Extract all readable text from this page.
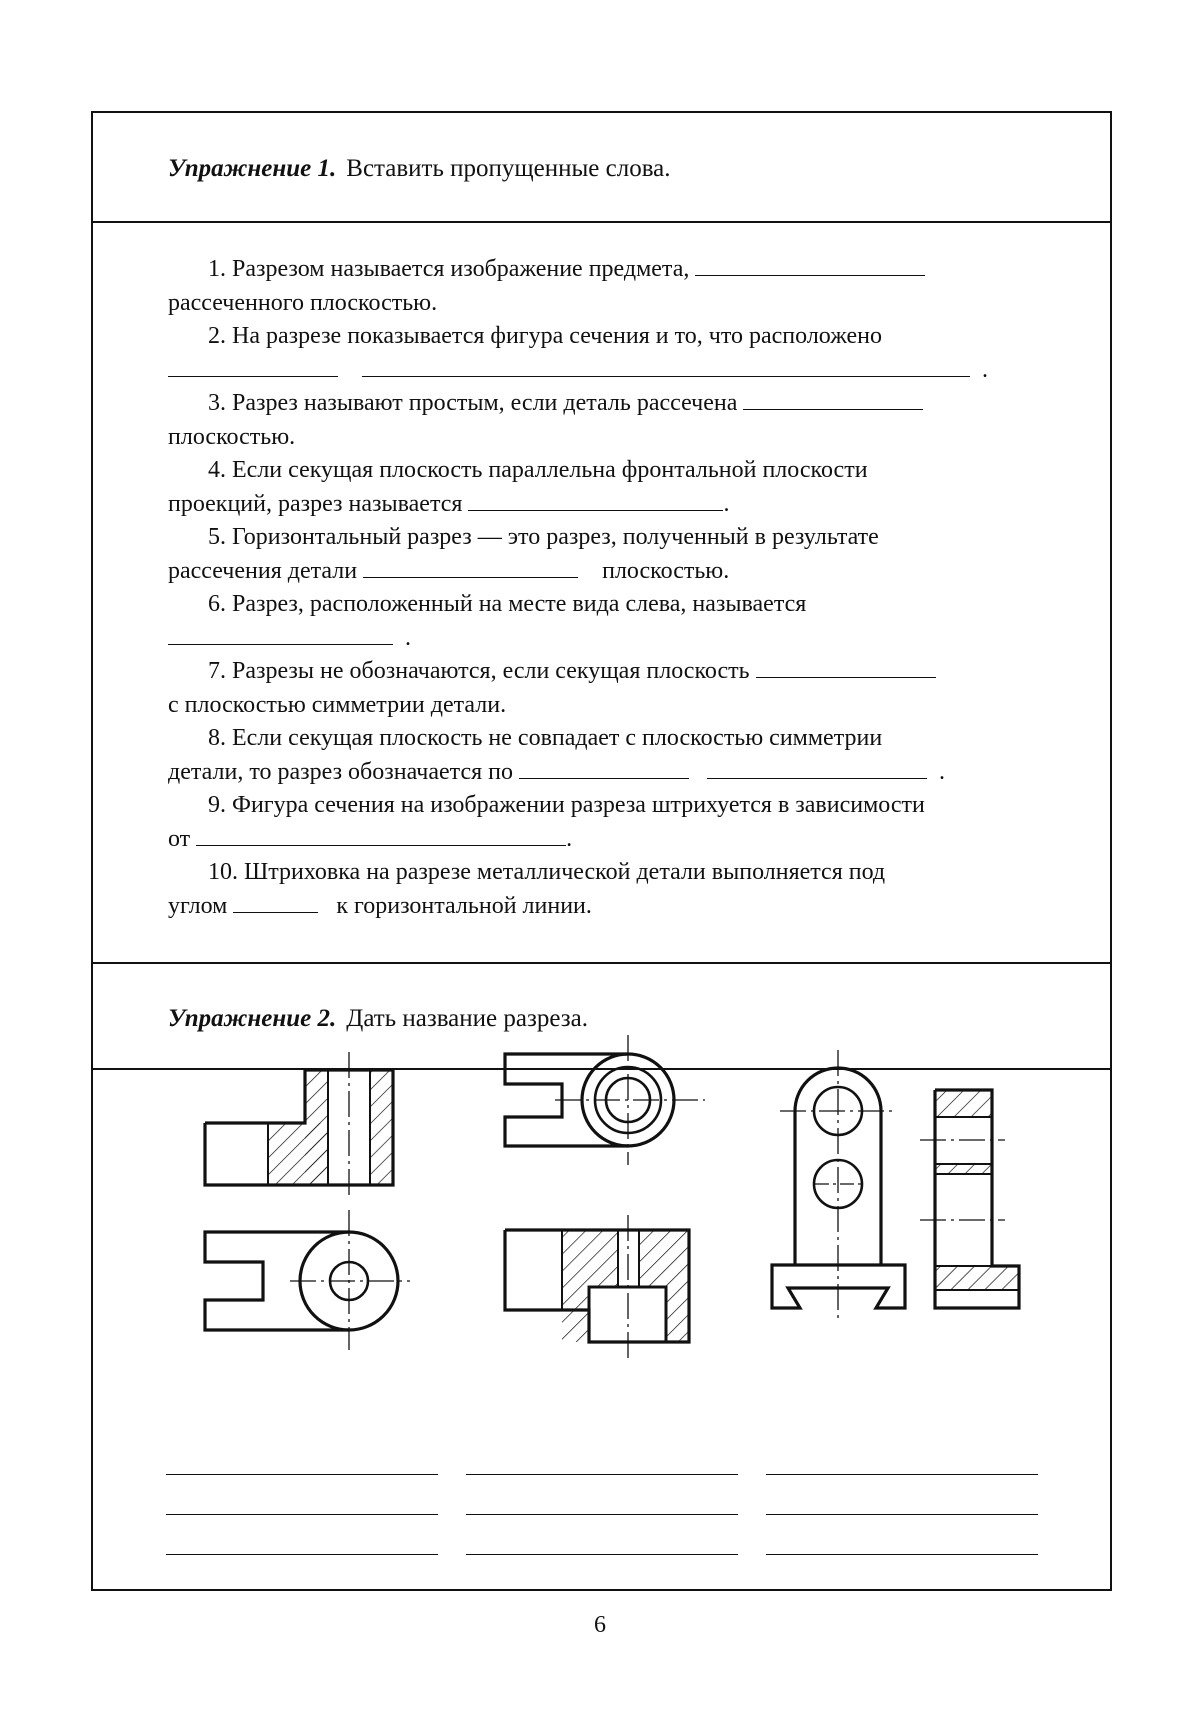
Упражнение 1. Вставить пропущенные слова.
1. Разрезом называется изображение предмета,
рассеченного плоскостью.
2. На разрезе показывается фигура сечения и то, что расположено
.
3. Разрез называют простым, если деталь рассечена
плоскостью.
4. Если секущая плоскость параллельна фронтальной плоскости
проекций, разрез называется	.
5. Горизонтальный разрез — это разрез, полученный в результате
рассечения детали	плоскостью.
6. Разрез, расположенный на месте вида слева, называется
.
7. Разрезы не обозначаются, если секущая плоскость
с плоскостью симметрии детали.
8. Если секущая плоскость не совпадает с плоскостью симметрии
детали, то разрез обозначается по	.
9. Фигура сечения на изображении разреза штрихуется в зависимости
от	.
10. Штриховка на разрезе металлической детали выполняется под
углом	к горизонтальной линии.
Упражнение 2. Дать название разреза.
6
